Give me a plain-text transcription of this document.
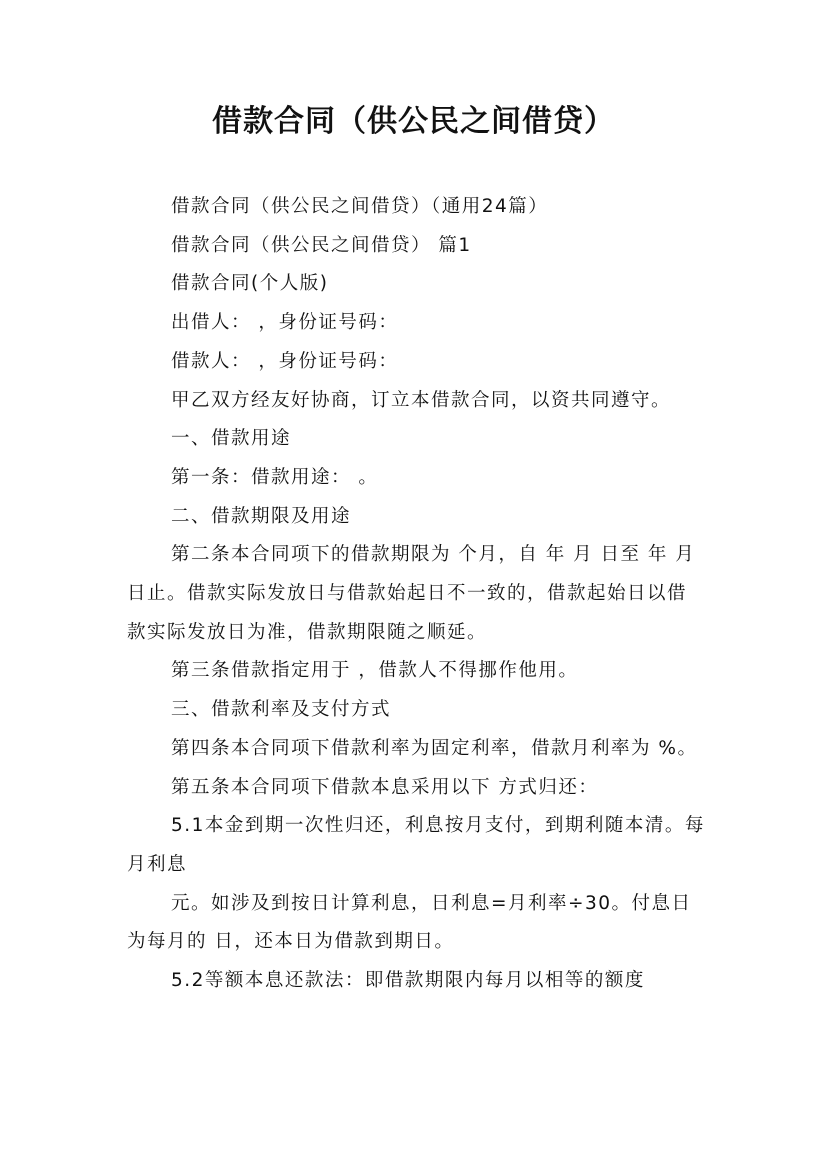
借款合同（供公民之间借贷）

借款合同（供公民之间借贷）（通用24篇）

借款合同（供公民之间借贷） 篇1

借款合同(个人版)

出借人： ，身份证号码：

借款人： ，身份证号码：

甲乙双方经友好协商，订立本借款合同，以资共同遵守。

一、借款用途

第一条：借款用途： 。

二、借款期限及用途

第二条本合同项下的借款期限为 个月，自 年 月 日至 年 月 日止。借款实际发放日与借款始起日不一致的，借款起始日以借款实际发放日为准，借款期限随之顺延。

第三条借款指定用于 ，借款人不得挪作他用。

三、借款利率及支付方式

第四条本合同项下借款利率为固定利率，借款月利率为 %。

第五条本合同项下借款本息采用以下 方式归还：

5.1本金到期一次性归还，利息按月支付，到期利随本清。每月利息

元。如涉及到按日计算利息，日利息=月利率÷30。付息日为每月的 日，还本日为借款到期日。

5.2等额本息还款法：即借款期限内每月以相等的额度
